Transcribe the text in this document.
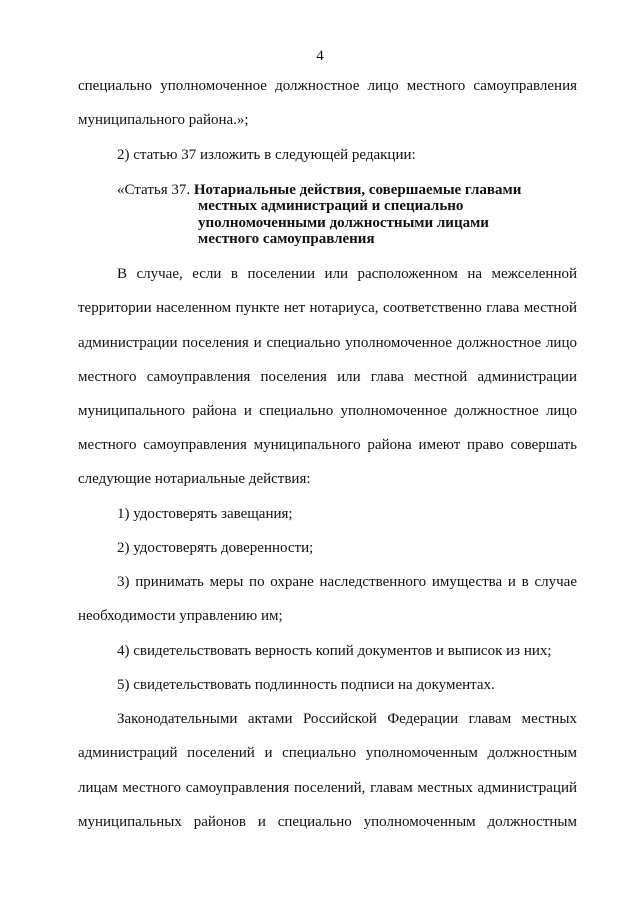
4
специально уполномоченное должностное лицо местного самоуправления
муниципального района.»;
2) статью 37 изложить в следующей редакции:
«Статья 37. Нотариальные действия, совершаемые главами
местных администраций и специально
уполномоченными должностными лицами
местного самоуправления
В случае, если в поселении или расположенном на межселенной
территории населенном пункте нет нотариуса, соответственно глава местной
администрации поселения и специально уполномоченное должностное лицо
местного самоуправления поселения или глава местной администрации
муниципального района и специально уполномоченное должностное лицо
местного самоуправления муниципального района имеют право совершать
следующие нотариальные действия:
1) удостоверять завещания;
2) удостоверять доверенности;
3) принимать меры по охране наследственного имущества и в случае
необходимости управлению им;
4) свидетельствовать верность копий документов и выписок из них;
5) свидетельствовать подлинность подписи на документах.
Законодательными актами Российской Федерации главам местных
администраций поселений и специально уполномоченным должностным
лицам местного самоуправления поселений, главам местных администраций
муниципальных районов и специально уполномоченным должностным
